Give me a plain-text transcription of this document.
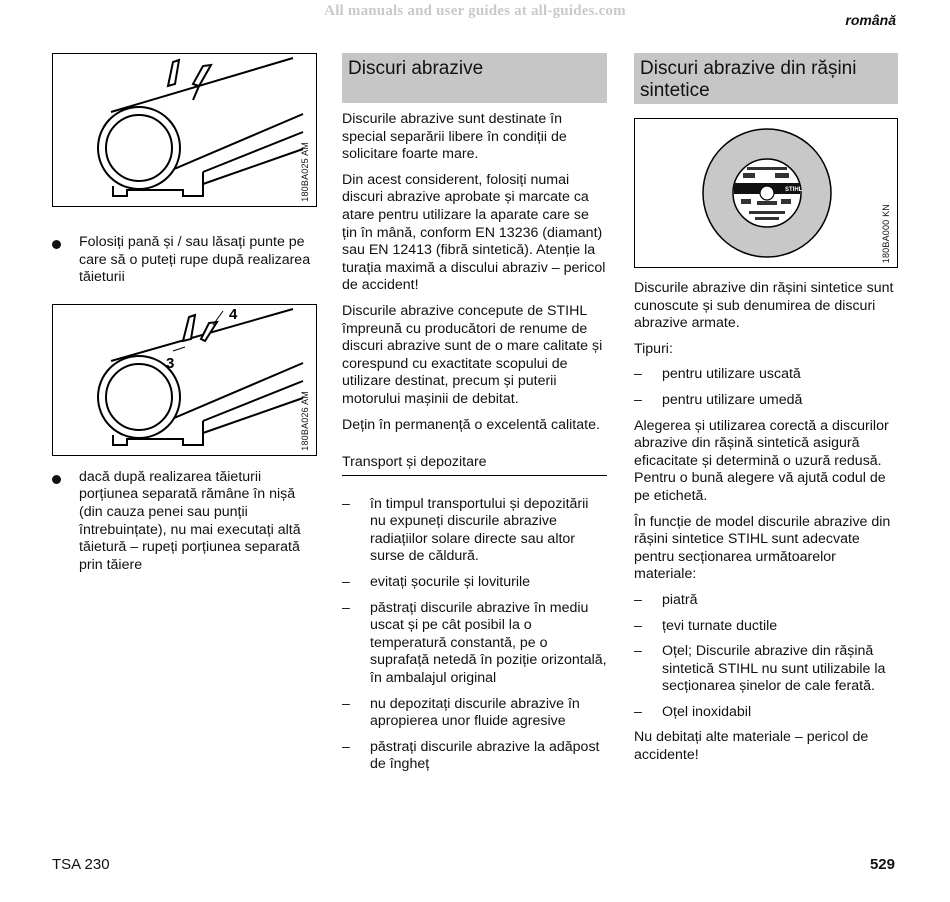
All manuals and user guides at all-guides.com
română
180BA025 AM
Folosiți pană și / sau lăsați punte pe care să o puteți rupe după realizarea tăieturii
4
3
180BA026 AM
dacă după realizarea tăieturii porțiunea separată rămâne în nișă (din cauza penei sau punții întrebuințate), nu mai executați altă tăietură – rupeți porțiunea separată prin tăiere
Discuri abrazive

Discurile abrazive sunt destinate în special separării libere în condiții de solicitare foarte mare.

Din acest considerent, folosiți numai discuri abrazive aprobate și marcate ca atare pentru utilizare la aparate care se țin în mână, conform EN 13236 (diamant) sau EN 12413 (fibră sintetică). Atenție la turația maximă a discului abraziv – pericol de accident!

Discurile abrazive concepute de STIHL împreună cu producători de renume de discuri abrazive sunt de o mare calitate și corespund cu exactitate scopului de utilizare destinat, precum și puterii motorului mașinii de debitat.

Dețin în permanență o excelentă calitate.

Transport și depozitare

– în timpul transportului și depozitării nu expuneți discurile abrazive radiațiilor solare directe sau altor surse de căldură.
– evitați șocurile și loviturile
– păstrați discurile abrazive în mediu uscat și pe cât posibil la o temperatură constantă, pe o suprafață netedă în poziție orizontală, în ambalajul original
– nu depozitați discurile abrazive în apropierea unor fluide agresive
– păstrați discurile abrazive la adăpost de îngheț
Discuri abrazive din rășini sintetice
STIHL
180BA000 KN

Discurile abrazive din rășini sintetice sunt cunoscute și sub denumirea de discuri abrazive armate.

Tipuri:

– pentru utilizare uscată
– pentru utilizare umedă

Alegerea și utilizarea corectă a discurilor abrazive din rășină sintetică asigură eficacitate și determină o uzură redusă. Pentru o bună alegere vă ajută codul de pe etichetă.

În funcție de model discurile abrazive din rășini sintetice STIHL sunt adecvate pentru secționarea următoarelor materiale:

– piatră
– țevi turnate ductile
– Oțel; Discurile abrazive din rășină sintetică STIHL nu sunt utilizabile la secționarea șinelor de cale ferată.
– Oțel inoxidabil

Nu debitați alte materiale – pericol de accidente!

TSA 230	529
